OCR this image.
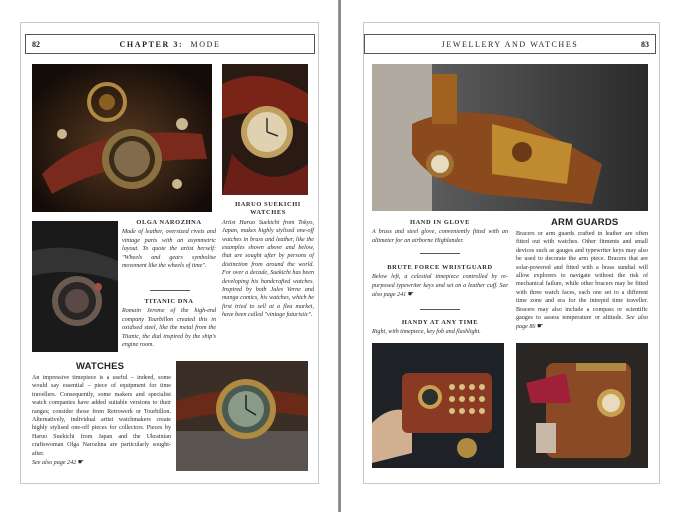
82	CHAPTER 3: MODE
OLGA NAROZHNA
Made of leather, oversized rivets and vintage parts with an asymmetric layout. To quote the artist herself: "Wheels and gears symbolise movement like the wheels of time".
TITANIC DNA
Romain Jerome of the high-end company Tourbillon created this in oxidised steel, like the metal from the Titanic, the dial inspired by the ship's engine room.
HARUO SUEKICHI WATCHES
Artist Haruo Suekichi from Tokyo, Japan, makes highly stylised one-off watches in brass and leather, like the examples shown above and below, that are sought after by persons of distinction from around the world. For over a decade, Suekichi has been developing his handcrafted watches. Inspired by both Jules Verne and manga comics, his watches, which he first tried to sell at a flea market, have been called "vintage futuristic".
WATCHES
An impressive timepiece is a useful – indeed, some would say essential – piece of equipment for time travellers. Consequently, some makers and specialist watch companies have added suitable versions to their ranges; consider those from Retrowerk or Tourbillon. Alternatively, individual artist watchmakers create highly stylised one-off pieces for collectors. Pieces by Haruo Suekichi from Japan and the Ukrainian craftswoman Olga Narozhna are particularly sought-after.
See also page 242 ☛
JEWELLERY AND WATCHES	83
HAND IN GLOVE
A brass and steel glove, conveniently fitted with an altimeter for an airborne Highlander.
BRUTE FORCE WRISTGUARD
Below left, a celestial timepiece controlled by re-purposed typewriter keys and set on a leather cuff. See also page 241 ☛
HANDY AT ANY TIME
Right, with timepiece, key fob and flashlight.
ARM GUARDS
Bracers or arm guards crafted in leather are often fitted out with watches. Other fitments and small devices such as gauges and typewriter keys may also be used to decorate the arm piece. Bracers that are solar-powered and fitted with a brass sundial will allow explorers to navigate without the risk of mechanical failure, while other bracers may be fitted with three watch faces, each one set to a different time zone and era for the intrepid time traveller. Bracers may also include a compass or scientific gauges to assess temperature or altitude. See also page 86 ☛
